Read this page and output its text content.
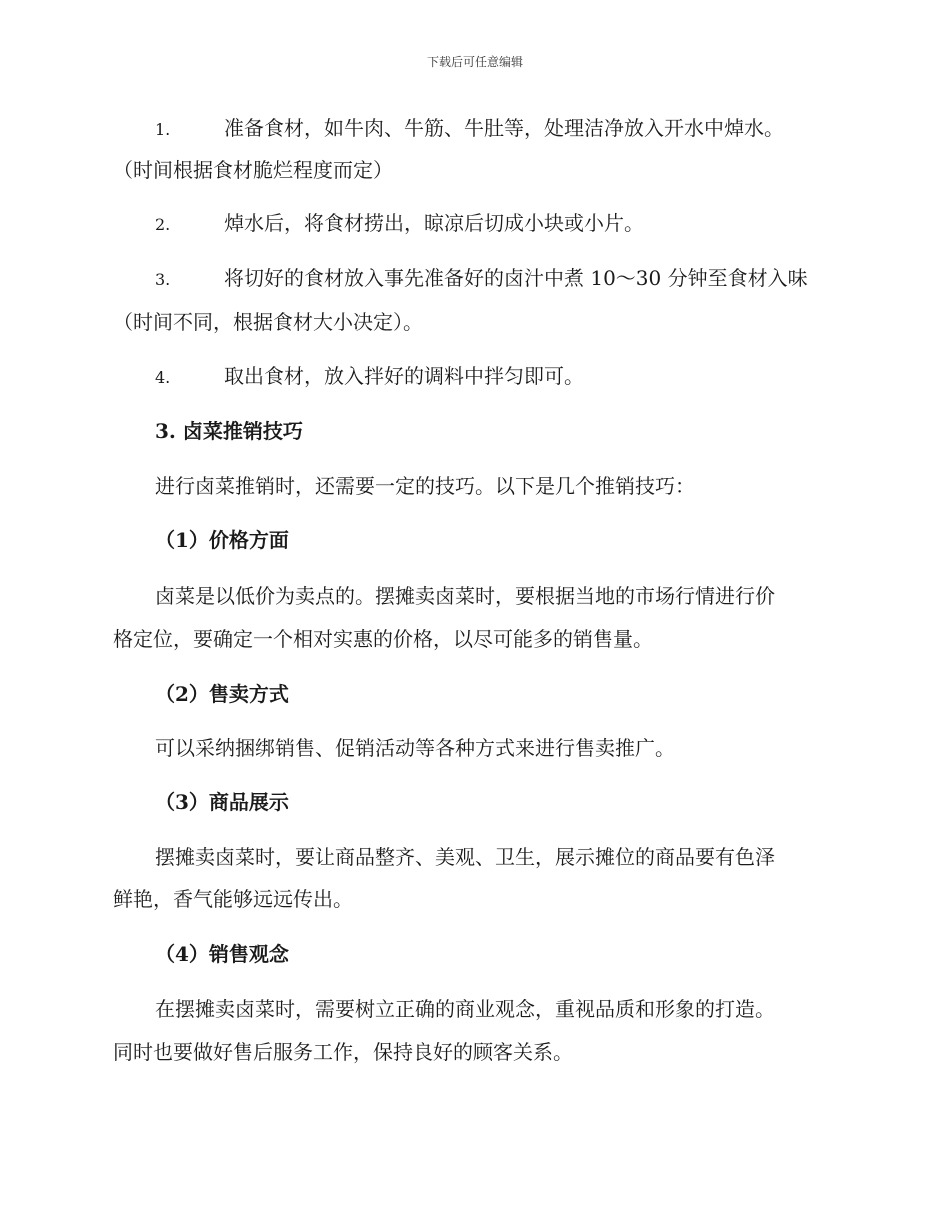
下载后可任意编辑
1.	准备食材，如牛肉、牛筋、牛肚等，处理洁净放入开水中焯水。
（时间根据食材脆烂程度而定）
2.	焯水后，将食材捞出，晾凉后切成小块或小片。
3.	将切好的食材放入事先准备好的卤汁中煮 10～30 分钟至食材入味
（时间不同，根据食材大小决定）。
4.	取出食材，放入拌好的调料中拌匀即可。
3. 卤菜推销技巧
进行卤菜推销时，还需要一定的技巧。以下是几个推销技巧：
（1）价格方面
卤菜是以低价为卖点的。摆摊卖卤菜时，要根据当地的市场行情进行价
格定位，要确定一个相对实惠的价格，以尽可能多的销售量。
（2）售卖方式
可以采纳捆绑销售、促销活动等各种方式来进行售卖推广。
（3）商品展示
摆摊卖卤菜时，要让商品整齐、美观、卫生，展示摊位的商品要有色泽
鲜艳，香气能够远远传出。
（4）销售观念
在摆摊卖卤菜时，需要树立正确的商业观念，重视品质和形象的打造。
同时也要做好售后服务工作，保持良好的顾客关系。
